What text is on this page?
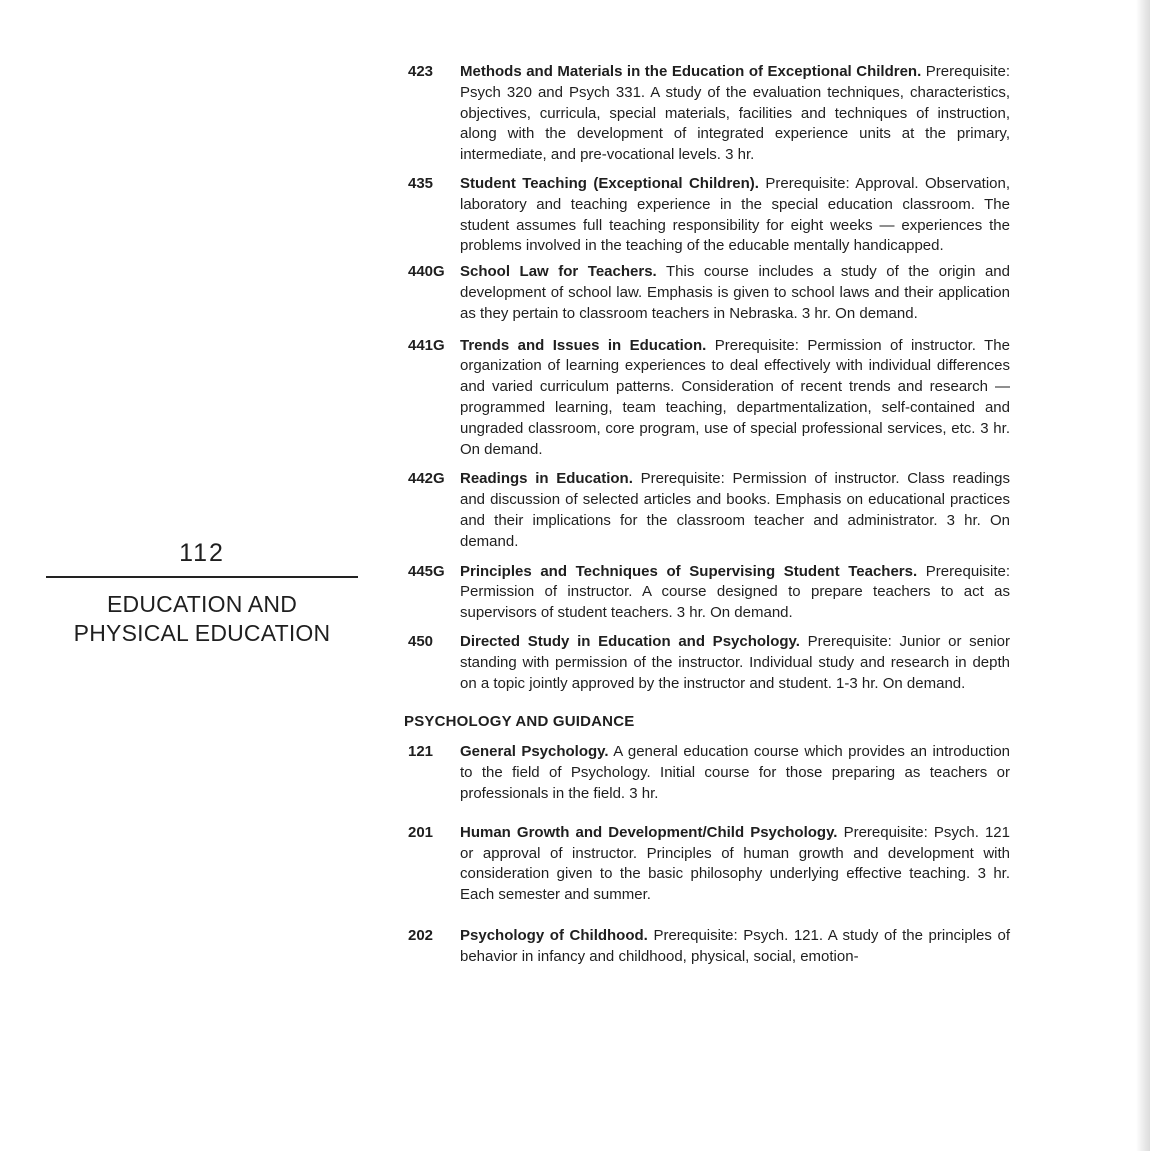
112
EDUCATION AND
PHYSICAL EDUCATION
423	Methods and Materials in the Education of Exceptional Children. Prerequisite: Psych 320 and Psych 331. A study of the evaluation techniques, characteristics, objectives, curricula, special materials, facilities and techniques of instruction, along with the development of integrated experience units at the primary, intermediate, and pre-vocational levels. 3 hr.
435	Student Teaching (Exceptional Children). Prerequisite: Approval. Observation, laboratory and teaching experience in the special education classroom. The student assumes full teaching responsibility for eight weeks — experiences the problems involved in the teaching of the educable mentally handicapped.
440G	School Law for Teachers. This course includes a study of the origin and development of school law. Emphasis is given to school laws and their application as they pertain to classroom teachers in Nebraska. 3 hr. On demand.
441G	Trends and Issues in Education. Prerequisite: Permission of instructor. The organization of learning experiences to deal effectively with individual differences and varied curriculum patterns. Consideration of recent trends and research — programmed learning, team teaching, departmentalization, self-contained and ungraded classroom, core program, use of special professional services, etc. 3 hr. On demand.
442G	Readings in Education. Prerequisite: Permission of instructor. Class readings and discussion of selected articles and books. Emphasis on educational practices and their implications for the classroom teacher and administrator. 3 hr. On demand.
445G	Principles and Techniques of Supervising Student Teachers. Prerequisite: Permission of instructor. A course designed to prepare teachers to act as supervisors of student teachers. 3 hr. On demand.
450	Directed Study in Education and Psychology. Prerequisite: Junior or senior standing with permission of the instructor. Individual study and research in depth on a topic jointly approved by the instructor and student. 1-3 hr. On demand.
PSYCHOLOGY AND GUIDANCE
121	General Psychology. A general education course which provides an introduction to the field of Psychology. Initial course for those preparing as teachers or professionals in the field. 3 hr.
201	Human Growth and Development/Child Psychology. Prerequisite: Psych. 121 or approval of instructor. Principles of human growth and development with consideration given to the basic philosophy underlying effective teaching. 3 hr. Each semester and summer.
202	Psychology of Childhood. Prerequisite: Psych. 121. A study of the principles of behavior in infancy and childhood, physical, social, emotion-
